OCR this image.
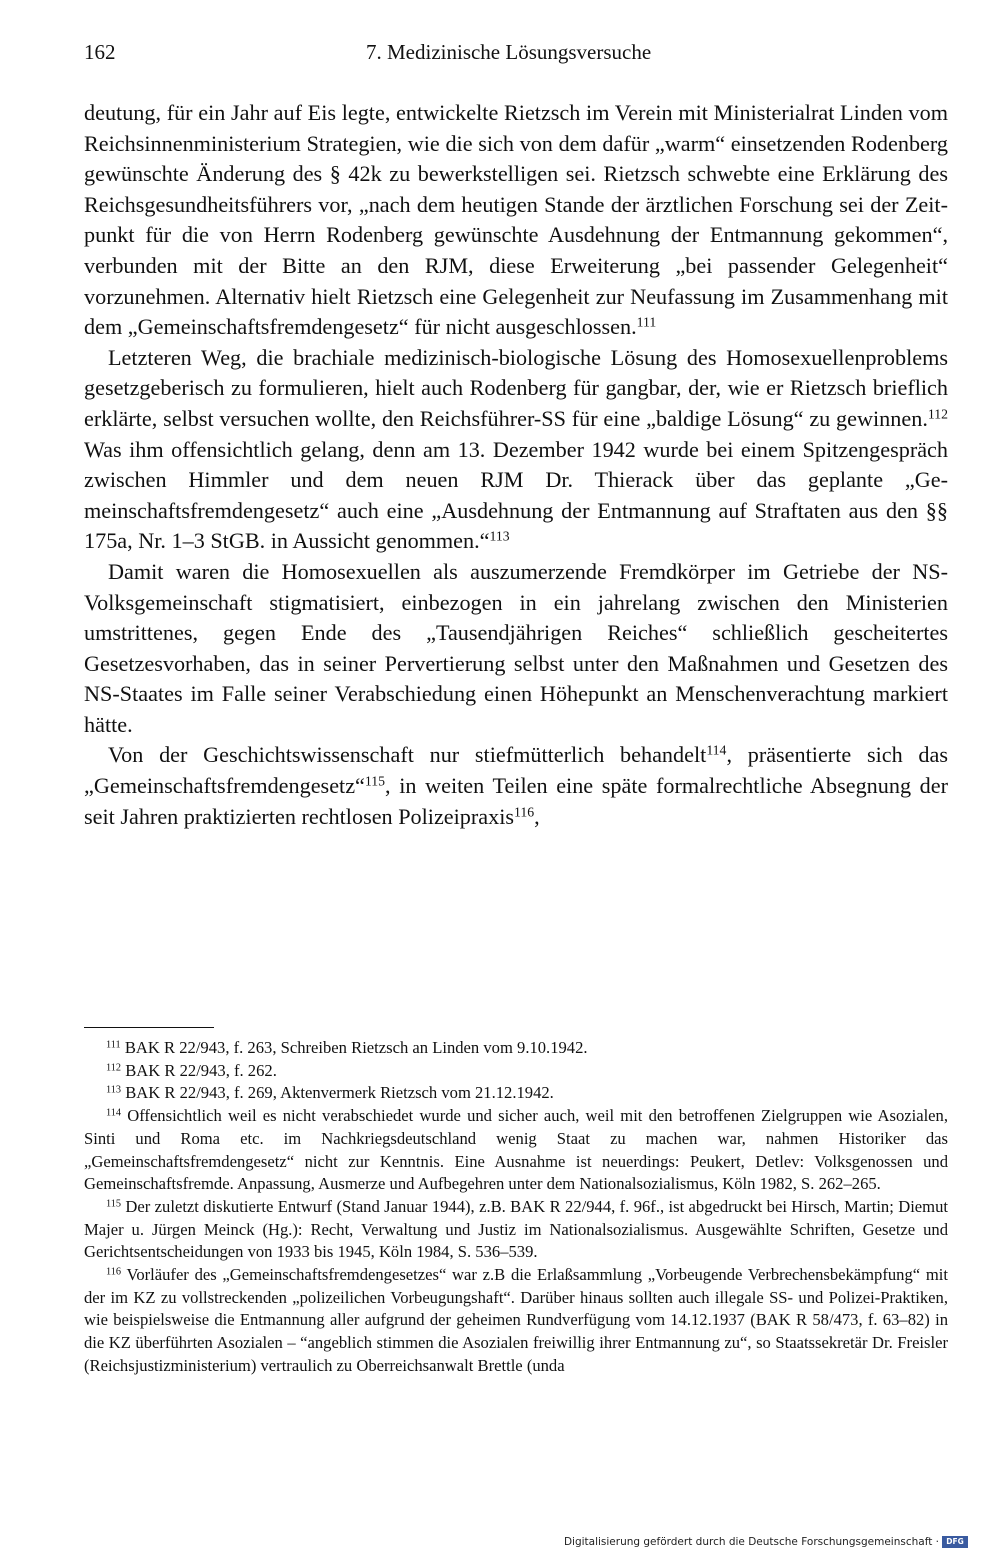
162	7. Medizinische Lösungsversuche

deutung, für ein Jahr auf Eis legte, entwickelte Rietzsch im Verein mit Ministerialrat Linden vom Reichsinnenministerium Strategien, wie die sich von dem dafür „warm“ einsetzenden Rodenberg gewünschte Änderung des § 42k zu bewerkstelligen sei. Rietzsch schwebte eine Erklärung des Reichsgesundheitsführers vor, „nach dem heutigen Stande der ärztlichen Forschung sei der Zeitpunkt für die von Herrn Rodenberg gewünschte Ausdehnung der Entmannung gekommen“, verbunden mit der Bitte an den RJM, diese Erweiterung „bei passender Gelegenheit“ vorzunehmen. Alternativ hielt Rietzsch eine Gelegenheit zur Neufassung im Zusammenhang mit dem „Gemeinschaftsfremdengesetz“ für nicht ausgeschlossen.$^{111}$

Letzteren Weg, die brachiale medizinisch-biologische Lösung des Homosexuellenproblems gesetzgeberisch zu formulieren, hielt auch Rodenberg für gangbar, der, wie er Rietzsch brieflich erklärte, selbst versuchen wollte, den Reichsführer-SS für eine „baldige Lösung“ zu gewinnen.$^{112}$ Was ihm offensichtlich gelang, denn am 13. Dezember 1942 wurde bei einem Spitzengespräch zwischen Himmler und dem neuen RJM Dr. Thierack über das geplante „Gemeinschaftsfremdengesetz“ auch eine „Ausdehnung der Entmannung auf Straftaten aus den §§ 175a, Nr. 1–3 StGB. in Aussicht genommen.“$^{113}$

Damit waren die Homosexuellen als auszumerzende Fremdkörper im Getriebe der NS-Volksgemeinschaft stigmatisiert, einbezogen in ein jahrelang zwischen den Ministerien umstrittenes, gegen Ende des „Tausendjährigen Reiches“ schließlich gescheitertes Gesetzesvorhaben, das in seiner Pervertierung selbst unter den Maßnahmen und Gesetzen des NS-Staates im Falle seiner Verabschiedung einen Höhepunkt an Menschenverachtung markiert hätte.

Von der Geschichtswissenschaft nur stiefmütterlich behandelt$^{114}$, präsentierte sich das „Gemeinschaftsfremdengesetz“$^{115}$, in weiten Teilen eine späte formalrechtliche Absegnung der seit Jahren praktizierten rechtlosen Polizeipraxis$^{116}$,

$^{111}$ BAK R 22/943, f. 263, Schreiben Rietzsch an Linden vom 9.10.1942.

$^{112}$ BAK R 22/943, f. 262.

$^{113}$ BAK R 22/943, f. 269, Aktenvermerk Rietzsch vom 21.12.1942.

$^{114}$ Offensichtlich weil es nicht verabschiedet wurde und sicher auch, weil mit den betroffenen Zielgruppen wie Asozialen, Sinti und Roma etc. im Nachkriegsdeutschland wenig Staat zu machen war, nahmen Historiker das „Gemeinschaftsfremdengesetz“ nicht zur Kenntnis. Eine Ausnahme ist neuerdings: Peukert, Detlev: Volksgenossen und Gemeinschaftsfremde. Anpassung, Ausmerze und Aufbegehren unter dem Nationalsozialismus, Köln 1982, S. 262–265.

$^{115}$ Der zuletzt diskutierte Entwurf (Stand Januar 1944), z.B. BAK R 22/944, f. 96f., ist abgedruckt bei Hirsch, Martin; Diemut Majer u. Jürgen Meinck (Hg.): Recht, Verwaltung und Justiz im Nationalsozialismus. Ausgewählte Schriften, Gesetze und Gerichtsentscheidungen von 1933 bis 1945, Köln 1984, S. 536–539.

$^{116}$ Vorläufer des „Gemeinschaftsfremdengesetzes“ war z.B die Erlaßsammlung „Vorbeugende Verbrechensbekämpfung“ mit der im KZ zu vollstreckenden „polizeilichen Vorbeugungshaft“. Darüber hinaus sollten auch illegale SS- und Polizei-Praktiken, wie beispielsweise die Entmannung aller aufgrund der geheimen Rundverfügung vom 14.12.1937 (BAK R 58/473, f. 63–82) in die KZ überführten Asozialen – “angeblich stimmen die Asozialen freiwillig ihrer Entmannung zu“, so Staatssekretär Dr. Freisler (Reichsjustizministerium) vertraulich zu Oberreichsanwalt Brettle (unda

Digitalisierung gefördert durch die Deutsche Forschungsgemeinschaft · DFG
